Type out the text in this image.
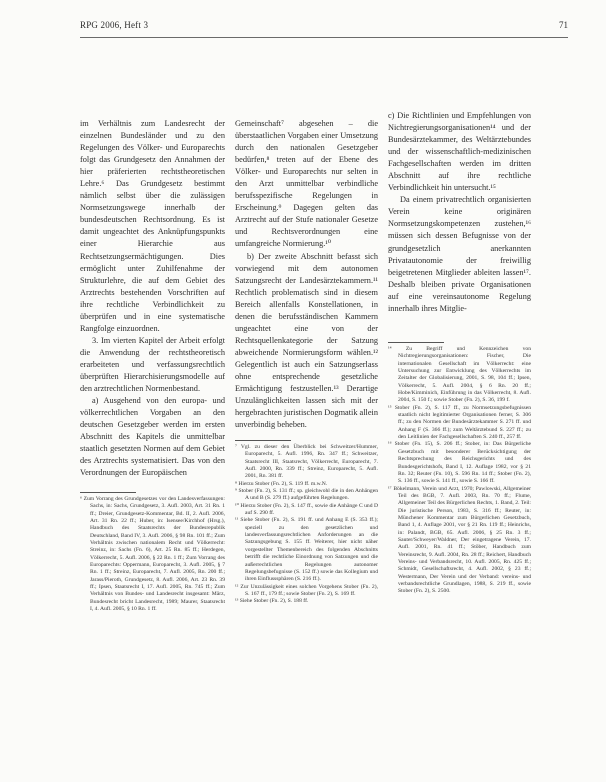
RPG 2006, Heft 3	71

im Verhältnis zum Landesrecht der einzelnen Bundesländer und zu den Regelungen des Völker- und Europarechts folgt das Grundgesetz den Annahmen der hier präferierten rechtstheoretischen Lehre.⁶ Das Grundgesetz bestimmt nämlich selbst über die zulässigen Normsetzungswege innerhalb der bundesdeutschen Rechtsordnung. Es ist damit ungeachtet des Anknüpfungspunkts einer Hierarchie aus Rechtsetzungsermächtigungen. Dies ermöglicht unter Zuhilfenahme der Strukturlehre, die auf dem Gebiet des Arztrechts bestehenden Vorschriften auf ihre rechtliche Verbindlichkeit zu überprüfen und in eine systematische Rangfolge einzuordnen.

3. Im vierten Kapitel der Arbeit erfolgt die Anwendung der rechtstheoretisch erarbeiteten und verfassungsrechtlich überprüften Hierarchisierungsmodelle auf den arztrechtlichen Normenbestand.

a) Ausgehend von den europa- und völkerrechtlichen Vorgaben an den deutschen Gesetzgeber werden im ersten Abschnitt des Kapitels die unmittelbar staatlich gesetzten Normen auf dem Gebiet des Arztrechts systematisiert. Das von den Verordnungen der Europäischen

Gemeinschaft⁷ abgesehen – die überstaatlichen Vorgaben einer Umsetzung durch den nationalen Gesetzgeber bedürfen,⁸ treten auf der Ebene des Völker- und Europarechts nur selten in den Arzt unmittelbar verbindliche berufsspezifische Regelungen in Erscheinung.⁹ Dagegen gelten das Arztrecht auf der Stufe nationaler Gesetze und Rechtsverordnungen eine umfangreiche Normierung.¹⁰

b) Der zweite Abschnitt befasst sich vorwiegend mit dem autonomen Satzungsrecht der Landesärztekammern.¹¹ Rechtlich problematisch sind in diesem Bereich allenfalls Konstellationen, in denen die berufsständischen Kammern ungeachtet eine von der Rechtsquellenkategorie der Satzung abweichende Normierungsform wählen.¹² Gelegentlich ist auch ein Satzungserlass ohne entsprechende gesetzliche Ermächtigung festzustellen.¹³ Derartige Unzulänglichkeiten lassen sich mit der hergebrachten juristischen Dogmatik allein unverbindig beheben.

c) Die Richtlinien und Empfehlungen von Nichtregierungsorganisationen¹⁴ und der Bundesärztekammer, des Weltärztebundes und der wissenschaftlich-medizinischen Fachgesellschaften werden im dritten Abschnitt auf ihre rechtliche Verbindlichkeit hin untersucht.¹⁵

Da einem privatrechtlich organisierten Verein keine originären Normsetzungskompetenzen zustehen,¹⁶ müssen sich dessen Befugnisse von der grundgesetzlich anerkannten Privatautonomie der freiwillig beigetretenen Mitglieder ableiten lassen¹⁷. Deshalb bleiben private Organisationen auf eine vereinsautonome Regelung innerhalb ihres Mitglie-

⁶ Zum Vorrang des Grundgesetzes vor den Landesverfassungen: Sachs, in: Sachs, Grundgesetz, 3. Aufl. 2003, Art. 31 Rn. 1 ff.; Dreier, Grundgesetz-Kommentar, Bd. II, 2. Aufl. 2006, Art. 31 Rn. 22 ff.; Huber, in: Isensee/Kirchhof (Hrsg.), Handbuch des Staatsrechts der Bundesrepublik Deutschland, Band IV, 3. Aufl. 2006, § 98 Rn. 101 ff.; Zum Verhältnis zwischen nationalem Recht und Völkerrecht: Streinz, in: Sachs (Fn. 6), Art. 25 Rn. 85 ff.; Herdegen, Völkerrecht, 5. Aufl. 2006, § 22 Rn. 1 ff.; Zum Vorrang des Europarechts: Oppermann, Europarecht, 3. Aufl. 2005, § 7 Rn. 1 ff.; Streinz, Europarecht, 7. Aufl. 2005, Rn. 200 ff.; Jarass/Pieroth, Grundgesetz, 8. Aufl. 2006, Art. 23 Rn. 39 ff.; Ipsen, Staatsrecht I, 17. Aufl. 2005, Rn. 745 ff.; Zum Verhältnis von Bundes- und Landesrecht insgesamt: März, Bundesrecht bricht Landesrecht, 1989; Maurer, Staatsrecht I, 4. Aufl. 2005, § 10 Rn. 1 ff.

⁷ Vgl. zu dieser den Überblick bei Schweitzer/Hummer, Europarecht, 5. Aufl. 1996, Rn. 347 ff.; Schweitzer, Staatsrecht III, Staatsrecht, Völkerrecht, Europarecht, 7. Aufl. 2000, Rn. 339 ff.; Streinz, Europarecht, 5. Aufl. 2001, Rn. 381 ff.

⁸ Hierzu Stober (Fn. 2), S. 119 ff. m.w.N.

⁹ Stober (Fn. 2), S. 131 ff.; sp. gleichwohl die in den Anhängen A und B (S. 279 ff.) aufgeführten Regelungen.

¹⁰ Hierzu Stober (Fn. 2), S. 147 ff., sowie die Anhänge C und D auf S. 290 ff.

¹¹ Siehe Stober (Fn. 2), S. 191 ff. und Anhang E (S. 353 ff.); speziell zu den gesetzlichen und landesverfassungsrechtlichen Anforderungen an die Satzungsgebung S. 155 ff. Weiterer, hier nicht näher vorgestellter Themenbereich des folgenden Abschnitts betrifft die rechtliche Einordnung von Satzungen und die außerrechtlichen Regelungen autonomer Regelungsbefugnisse (S. 152 ff.) sowie das Kollegium und ihren Einflusssphären (S. 216 ff.).

¹² Zur Unzulässigkeit eines solchen Vorgehens Stober (Fn. 2), S. 167 ff., 179 ff.; sowie Stober (Fn. 2), S. 169 ff.

¹³ Siehe Stober (Fn. 2), S. 188 ff.

¹⁴ Zu Begriff und Kennzeichen von Nichtregierungsorganisationen: Fischer, Die internationalen Gesellschaft im Völkerrecht: eine Untersuchung zur Entwicklung des Völkerrechts im Zeitalter der Globalisierung, 2001, S. 98, 104 ff.; Ipsen, Völkerrecht, 5. Aufl. 2004, § 6 Rn. 20 ff.; Hobe/Kimminich, Einführung in das Völkerrecht, 8. Aufl. 2004, S. 150 f.; sowie Stober (Fn. 2), S. 36, 199 f.

¹⁵ Stober (Fn. 2), S. 117 ff., zu Normsetzungsbefugnissen staatlich nicht legitimierter Organisationen ferner, S. 306 ff.; zu den Normen der Bundesärztekammer S. 271 ff. und Anhang F (S. 366 ff.); zum Weltärztebund S. 227 ff.; zu den Leitlinien der Fachgesellschaften S. 240 ff., 257 ff.

¹⁶ Stober (Fn. 15), S. 206 ff.; Stober, in: Das Bürgerliche Gesetzbuch mit besonderer Berücksichtigung der Rechtsprechung des Reichsgerichts und des Bundesgerichtshofs, Band I, 12. Auflage 1982, vor § 21 Rn. 32; Reuter (Fn. 10), S. 596 Rn. 14 ff.; Stober (Fn. 2), S. 136 ff., sowie S. 141 ff., sowie S. 166 ff.

¹⁷ Bökelmann, Verein und Arzt, 1970; Pawlowski, Allgemeiner Teil des BGB, 7. Aufl. 2003, Rn. 70 ff.; Flume, Allgemeiner Teil des Bürgerlichen Rechts, 1. Band, 2. Teil: Die juristische Person, 1983, S. 316 ff.; Reuter, in: Münchener Kommentar zum Bürgerlichen Gesetzbuch, Band 1, 4. Auflage 2001, vor § 21 Rn. 119 ff.; Heinrichs, in: Palandt, BGB, 65. Aufl. 2006, § 25 Rn. 3 ff.; Sauter/Schweyer/Waldner, Der eingetragene Verein, 17. Aufl. 2001, Rn. 41 ff.; Stöber, Handbuch zum Vereinsrecht, 9. Aufl. 2004, Rn. 28 ff.; Reichert, Handbuch Vereins- und Verbandsrecht, 10. Aufl. 2005, Rn. 425 ff.; Schmidt, Gesellschaftsrecht, 4. Aufl. 2002, § 23 ff.; Westermann, Der Verein und der Verband: vereins- und verbandsrechtliche Grundlagen, 1988, S. 219 ff., sowie Stober (Fn. 2), S. 2500.
